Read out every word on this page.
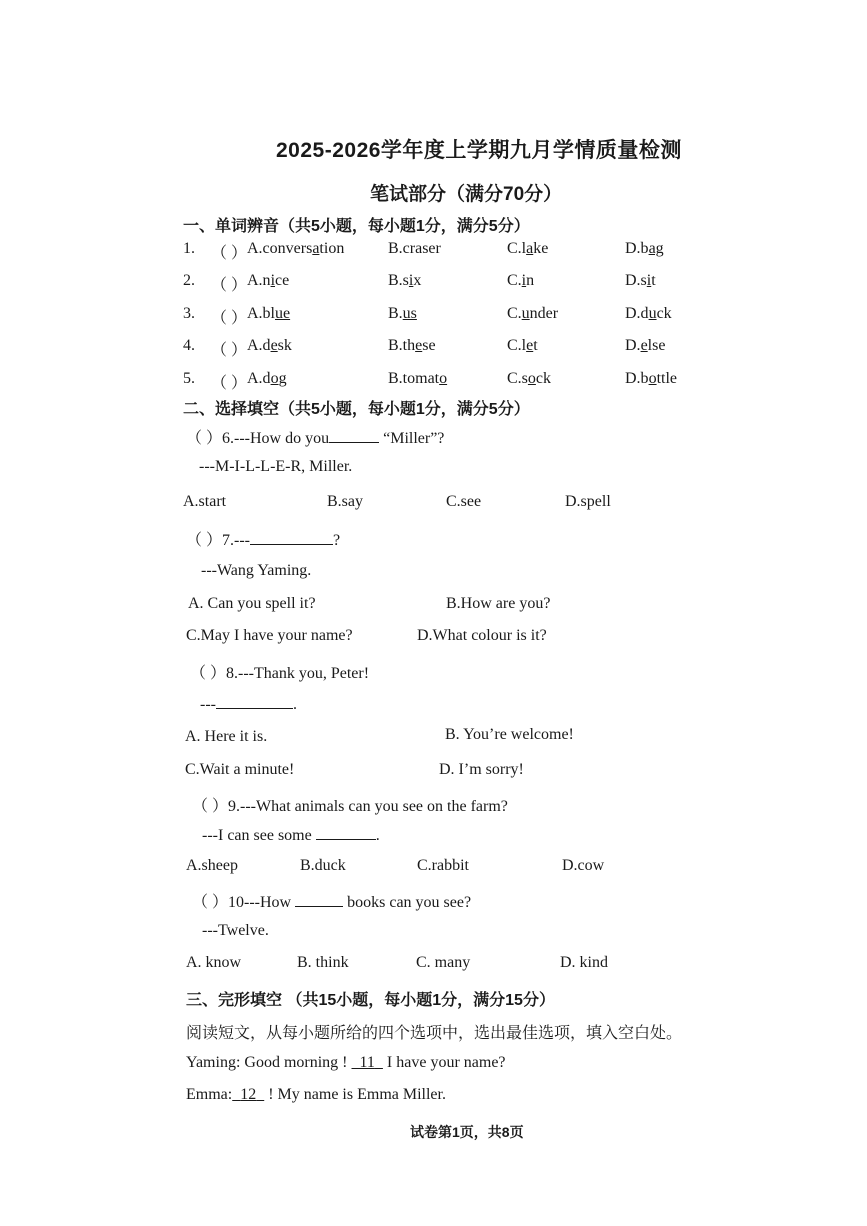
2025-2026学年度上学期九月学情质量检测
笔试部分（满分70分）
一、单词辨音（共5小题，每小题1分，满分5分）
1. （ ） A.conversation	B.craser	C.lake	D.bag
2. （ ） A.nice	B.six	C.in	D.sit
3. （ ） A.blue	B.us	C.under	D.duck
4. （ ） A.desk	B.these	C.let	D.else
5. （ ） A.dog	B.tomato	C.sock	D.bottle
二、选择填空（共5小题，每小题1分，满分5分）
（ ）6.---How do you	“Miller”?
---M-I-L-L-E-R, Miller.
A.start	B.say	C.see	D.spell
（ ）7.---	?
---Wang Yaming.
A. Can you spell it?	B.How are you?
C.May I have your name?	D.What colour is it?
（ ）8.---Thank you, Peter!
---	.
A. Here it is.	B. You’re welcome!
C.Wait a minute!	D. I’m sorry!
（ ）9.---What animals can you see on the farm?
---I can see some	.
A.sheep	B.duck	C.rabbit	D.cow
（ ）10---How	books can you see?
---Twelve.
A. know	B. think	C. many	D. kind
三、完形填空 （共15小题，每小题1分，满分15分）
阅读短文，从每小题所给的四个选项中，选出最佳选项，填入空白处。
Yaming: Good morning !   11   I have your name?
Emma: 12   ! My name is Emma Miller.
试卷第1页，共8页
